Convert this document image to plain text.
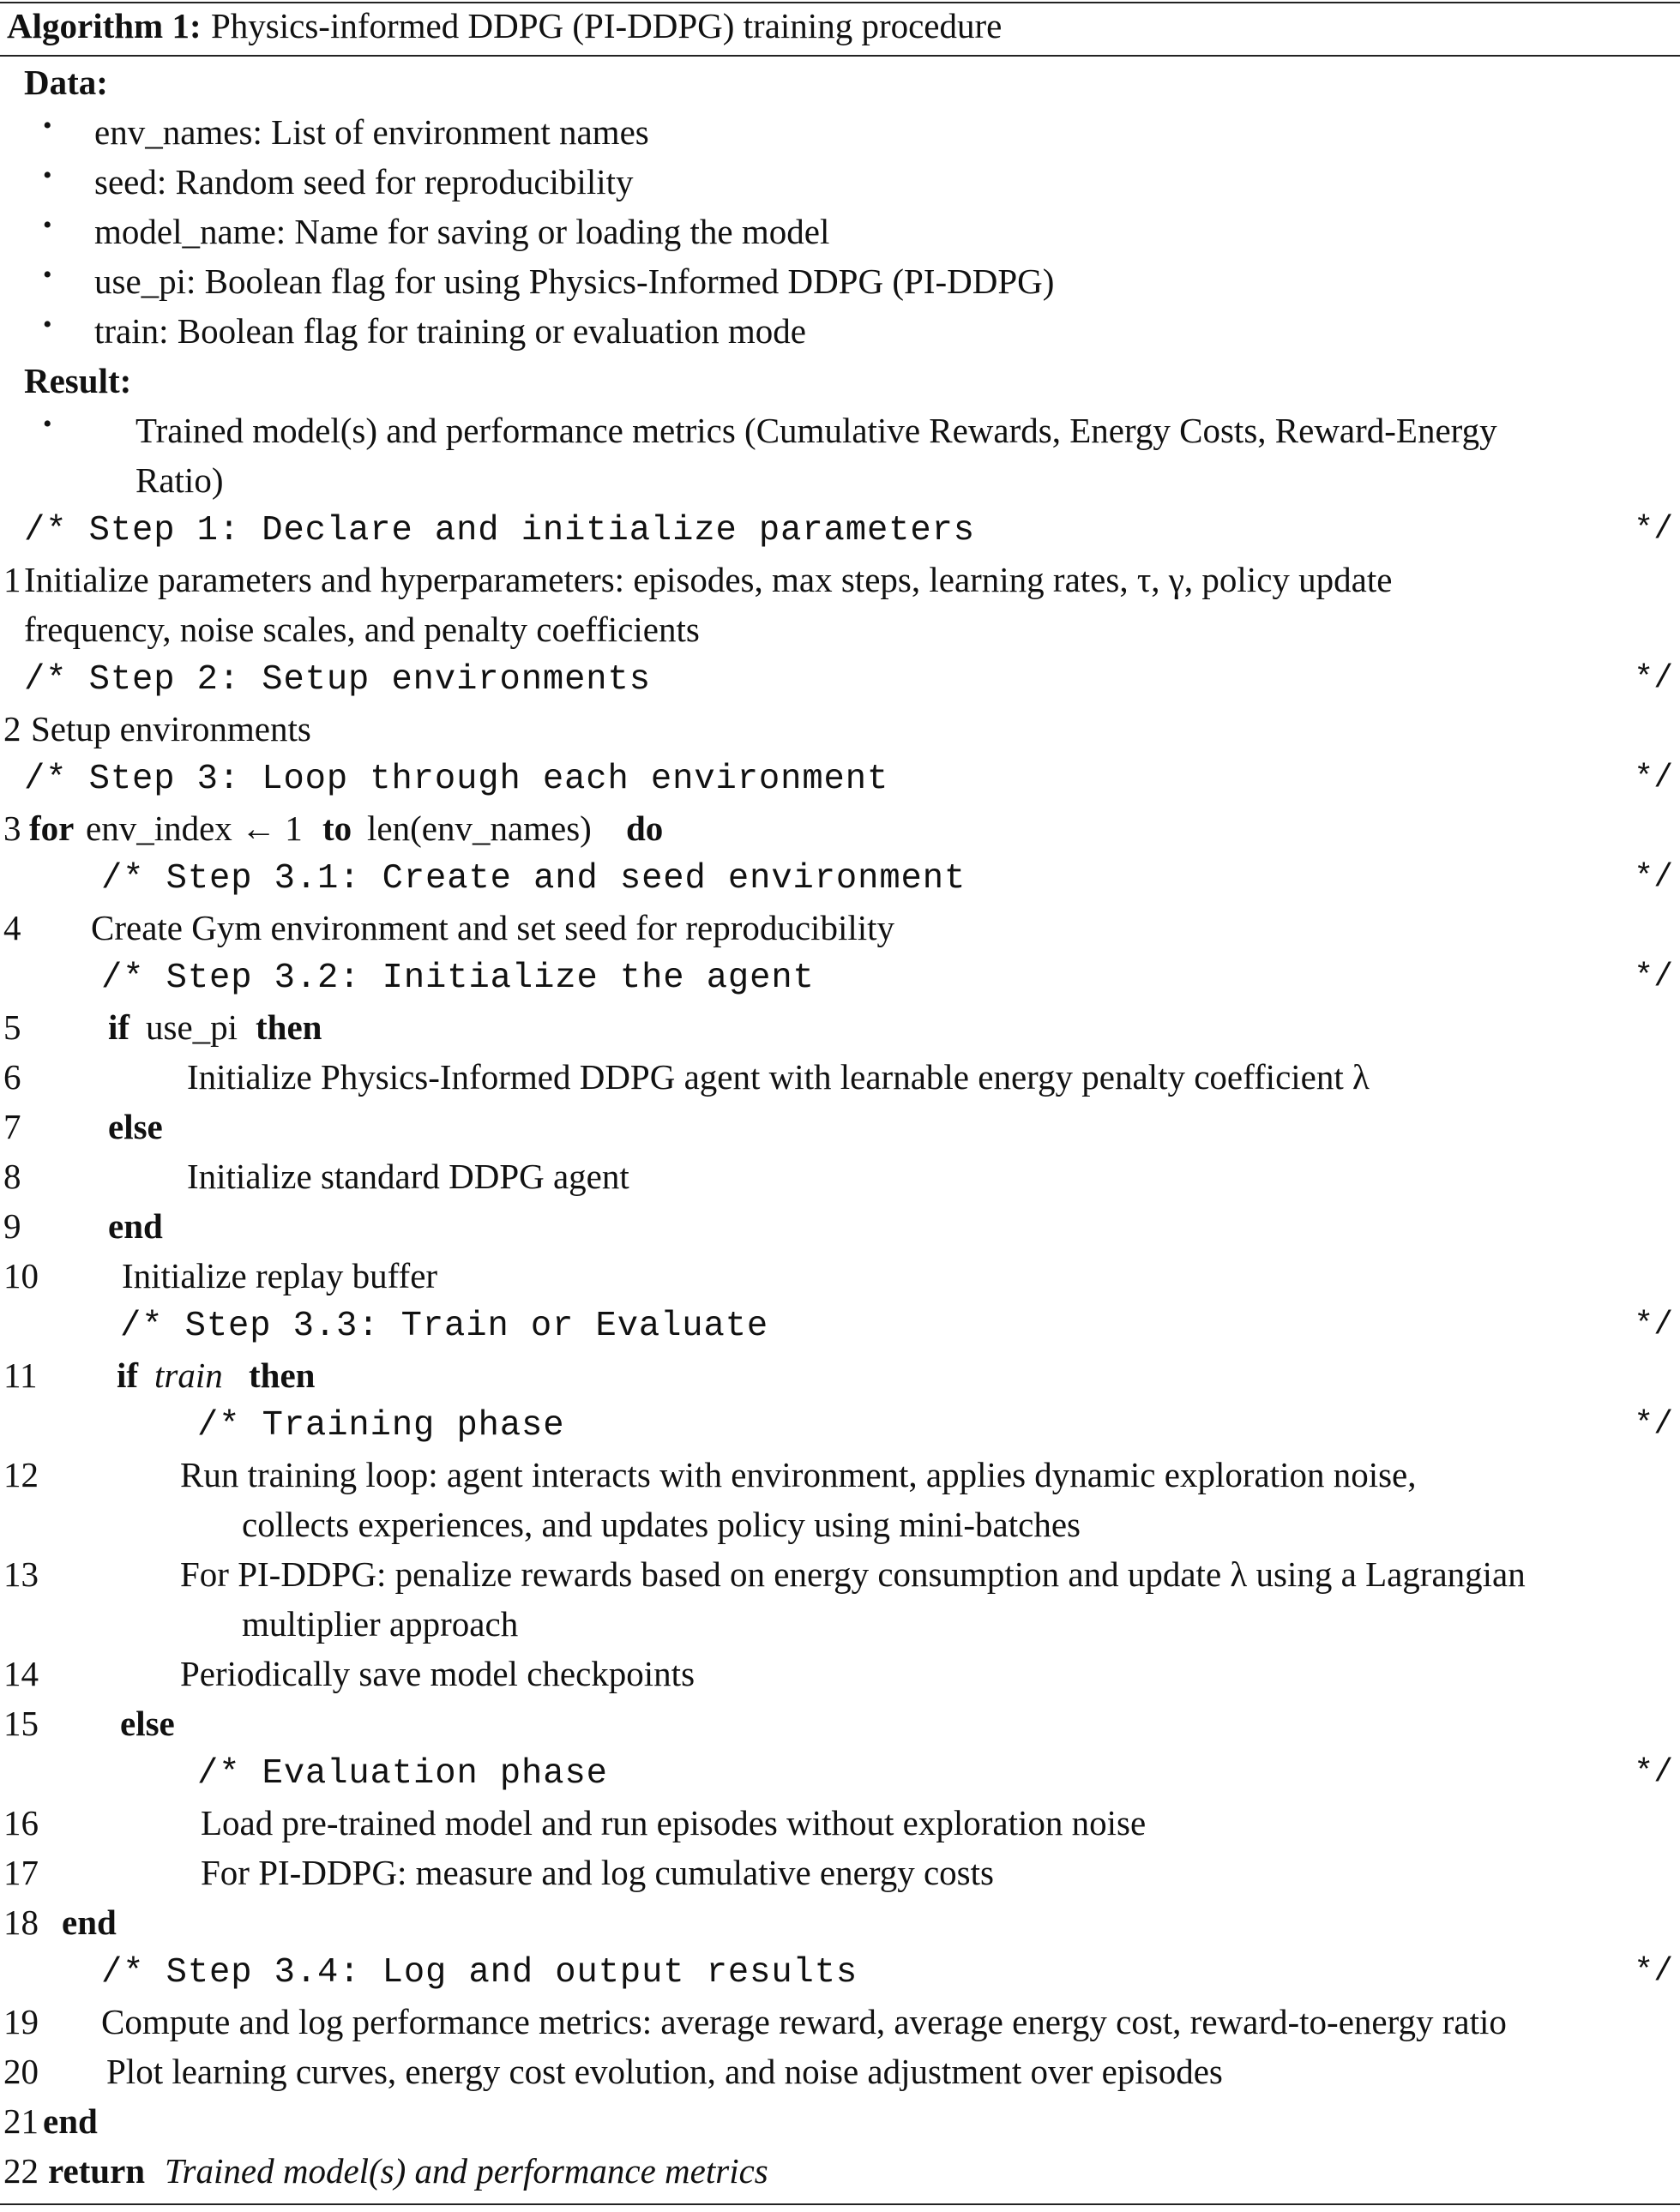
Algorithm 1: Physics-informed DDPG (PI-DDPG) training procedure
Data:
• env_names: List of environment names
• seed: Random seed for reproducibility
• model_name: Name for saving or loading the model
• use_pi: Boolean flag for using Physics-Informed DDPG (PI-DDPG)
• train: Boolean flag for training or evaluation mode
Result:
• Trained model(s) and performance metrics (Cumulative Rewards, Energy Costs, Reward-Energy
Ratio)
/* Step 1: Declare and initialize parameters	*/
1 Initialize parameters and hyperparameters: episodes, max steps, learning rates, τ, γ, policy update
frequency, noise scales, and penalty coefficients
/* Step 2: Setup environments	*/
2 Setup environments
/* Step 3: Loop through each environment	*/
3 for env_index ← 1 to len(env_names) do
/* Step 3.1: Create and seed environment	*/
4 Create Gym environment and set seed for reproducibility
/* Step 3.2: Initialize the agent	*/
5 if use_pi then
6	Initialize Physics-Informed DDPG agent with learnable energy penalty coefficient λ
7 else
8	Initialize standard DDPG agent
9 end
10 Initialize replay buffer
/* Step 3.3: Train or Evaluate	*/
11 if train then
/* Training phase	*/
12	Run training loop: agent interacts with environment, applies dynamic exploration noise,
collects experiences, and updates policy using mini-batches
13	For PI-DDPG: penalize rewards based on energy consumption and update λ using a Lagrangian
multiplier approach
14	Periodically save model checkpoints
15 else
/* Evaluation phase	*/
16	Load pre-trained model and run episodes without exploration noise
17	For PI-DDPG: measure and log cumulative energy costs
18 end
/* Step 3.4: Log and output results	*/
19 Compute and log performance metrics: average reward, average energy cost, reward-to-energy ratio
20 Plot learning curves, energy cost evolution, and noise adjustment over episodes
21 end
22 return Trained model(s) and performance metrics
